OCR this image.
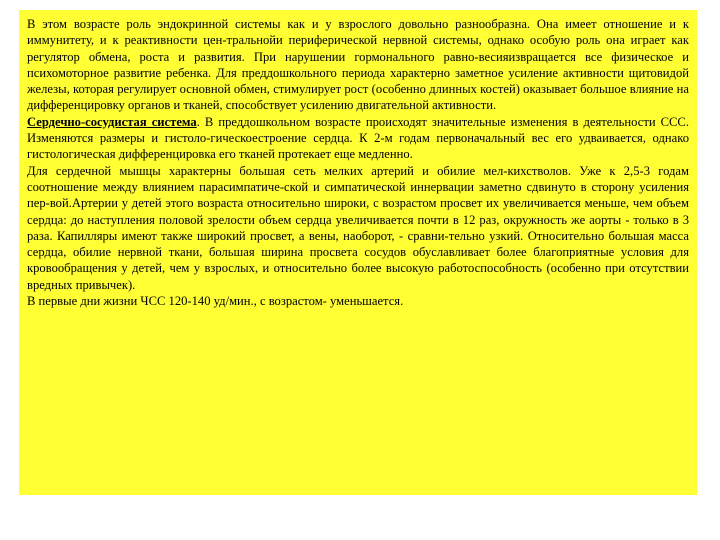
В этом возрасте роль эндокринной системы как и у взрослого довольно разнообразна. Она имеет отношение и к иммунитету, и к реактивности цен-тральнойи периферической нервной системы, однако особую роль она играет как регулятор обмена, роста и развития. При нарушении гормонального равно-весияизвращается все физическое и психомоторное развитие ребенка. Для преддошкольного периода характерно заметное усиление активности щитовидой железы, которая регулирует основной обмен, стимулирует рост (особенно длинных костей) оказывает большое влияние на дифференцировку органов и тканей, способствует усилению двигательной активности.

Сердечно-сосудистая система. В преддошкольном возрасте происходят значительные изменения в деятельности ССС. Изменяются размеры и гистоло-гическоестроение сердца. К 2-м годам первоначальный вес его удваивается, однако гистологическая дифференцировка его тканей протекает еще медленно.

Для сердечной мышцы характерны большая сеть мелких артерий и обилие мел-кихстволов. Уже к 2,5-3 годам соотношение между влиянием парасимпатиче-ской и симпатической иннервации заметно сдвинуто в сторону усиления пер-вой.Артерии у детей этого возраста относительно широки, с возрастом просвет их увеличивается меньше, чем объем сердца: до наступления половой зрелости объем сердца увеличивается почти в 12 раз, окружность же аорты - только в 3 раза. Капилляры имеют также широкий просвет, а вены, наоборот, - сравни-тельно узкий. Относительно большая масса сердца, обилие нервной ткани, большая ширина просвета сосудов обуславливает более благоприятные условия для кровообращения у детей, чем у взрослых, и относительно более высокую работоспособность (особенно при отсутствии вредных привычек).

В первые дни жизни ЧСС 120-140 уд/мин., с возрастом- уменьшается.
